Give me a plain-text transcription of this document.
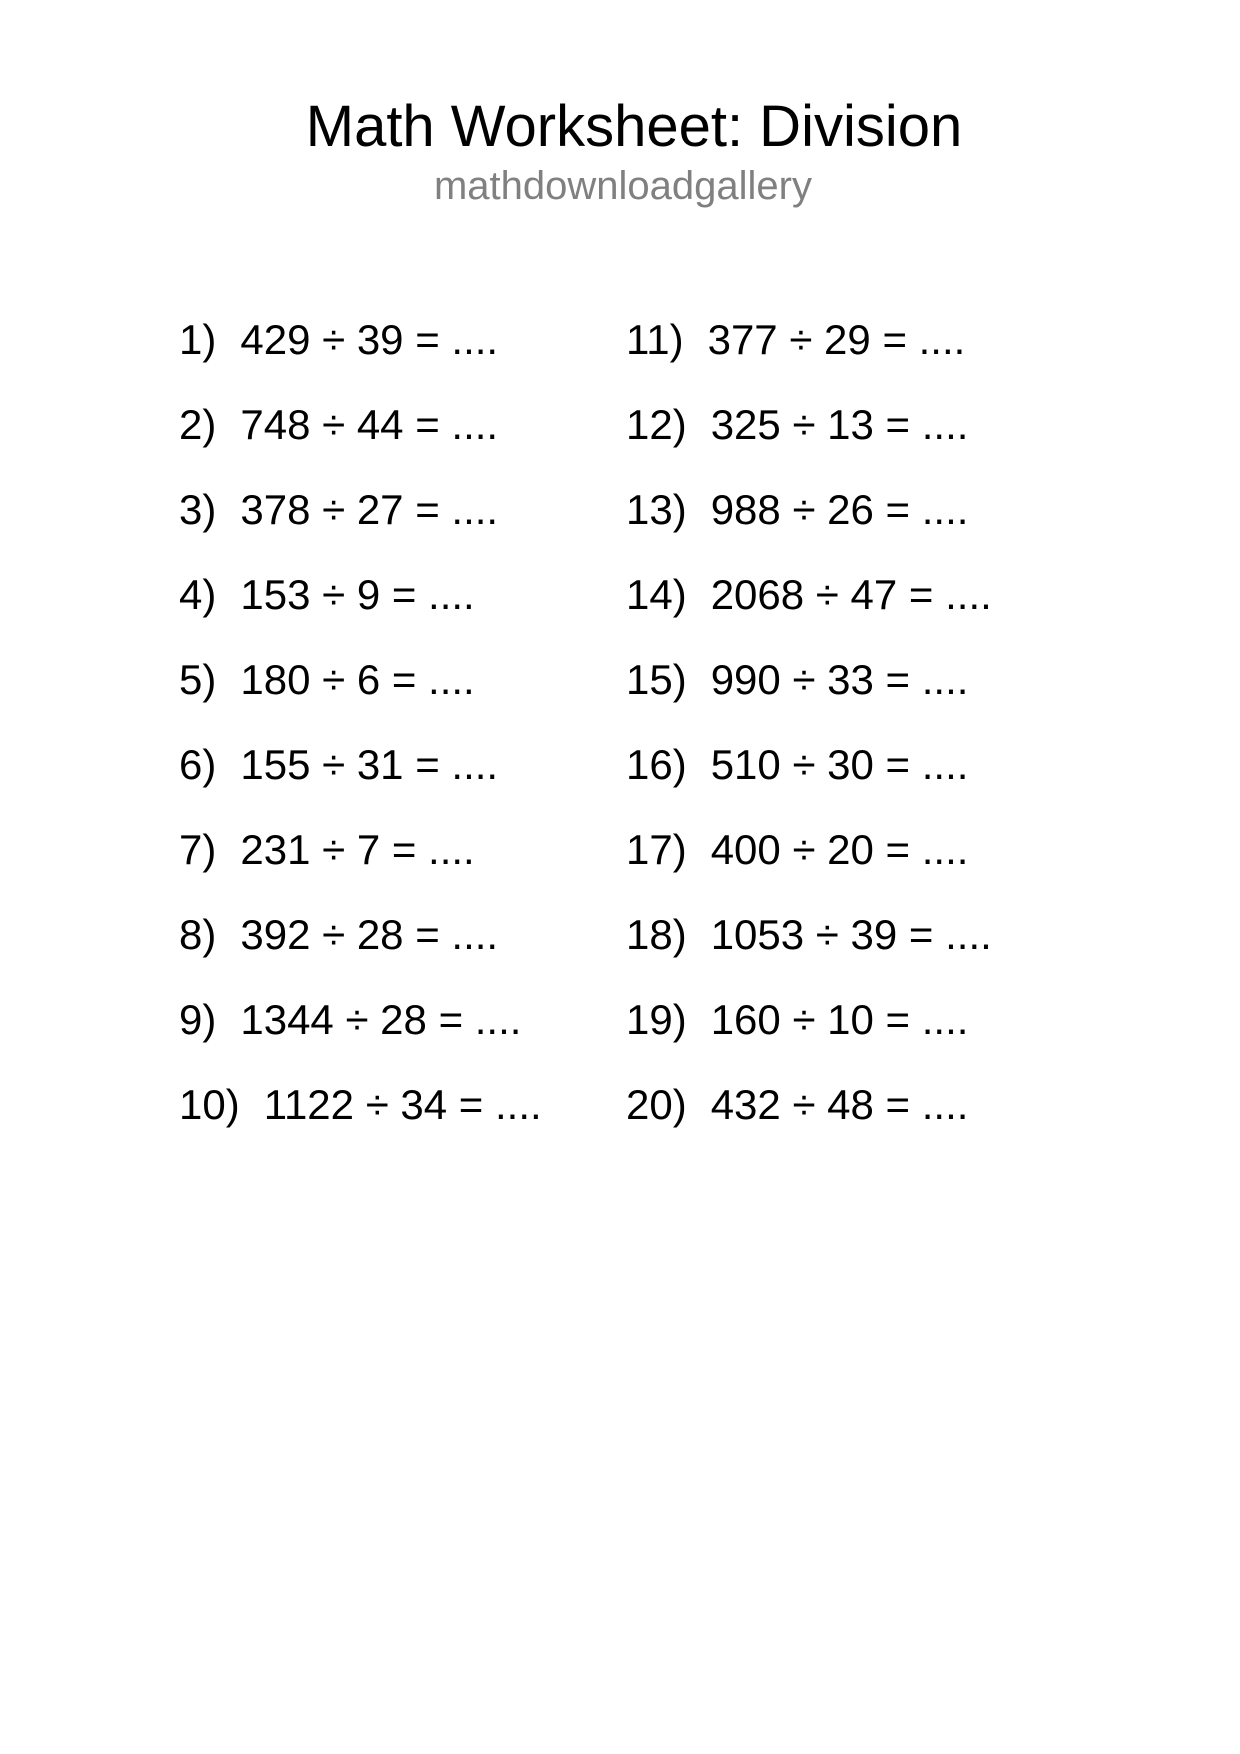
Math Worksheet: Division
mathdownloadgallery
1) 429 ÷ 39 = ....
2) 748 ÷ 44 = ....
3) 378 ÷ 27 = ....
4) 153 ÷ 9 = ....
5) 180 ÷ 6 = ....
6) 155 ÷ 31 = ....
7) 231 ÷ 7 = ....
8) 392 ÷ 28 = ....
9) 1344 ÷ 28 = ....
10) 1122 ÷ 34 = ....
11) 377 ÷ 29 = ....
12) 325 ÷ 13 = ....
13) 988 ÷ 26 = ....
14) 2068 ÷ 47 = ....
15) 990 ÷ 33 = ....
16) 510 ÷ 30 = ....
17) 400 ÷ 20 = ....
18) 1053 ÷ 39 = ....
19) 160 ÷ 10 = ....
20) 432 ÷ 48 = ....
